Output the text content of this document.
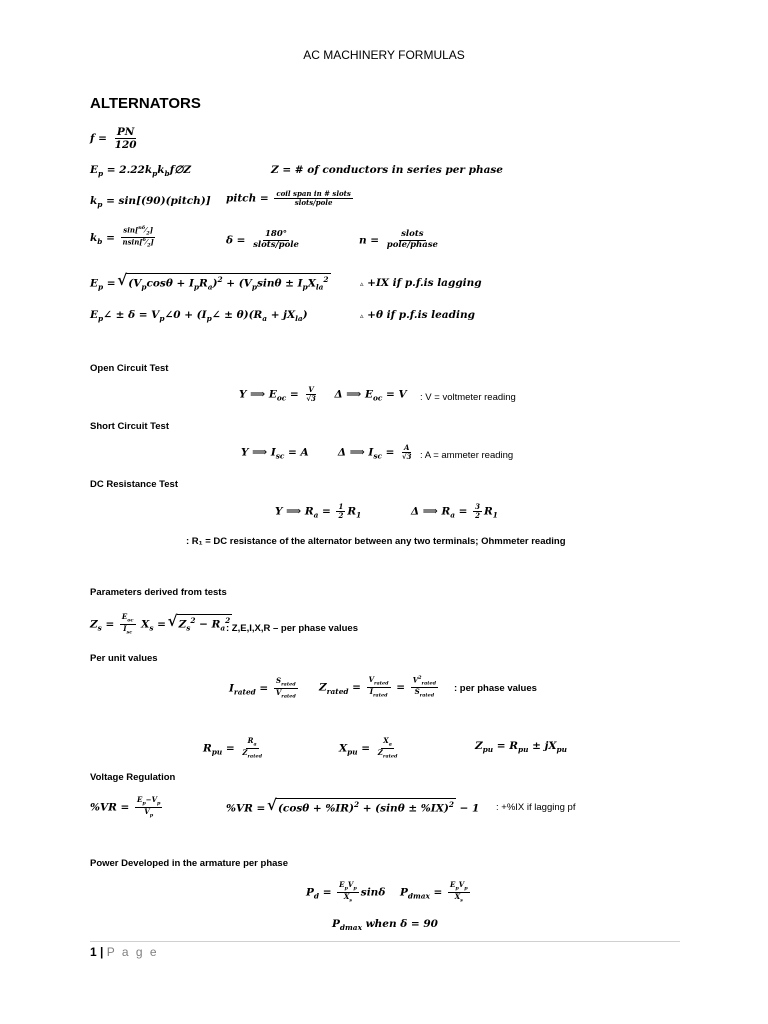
AC MACHINERY FORMULAS
ALTERNATORS
$f = \frac{PN}{120}$
$E_p$ = $2.22k_pk_bf\emptyset Z$	Z = # of conductors in series per phase
$k_p$ = sin[(90)(pitch)] pitch = $\frac{\text{coil span in \# slots}}{\text{slots/pole}}$
$k_b = \frac{\sin[^{n\delta}⁄_2]}{nsin[^\delta⁄_2]}$	$\delta = \frac{180^\circ}{\text{slots/pole}}$	$n = \frac{\text{slots}}{\text{pole/phase}}$
$E_p$ = √ $(V_p\cos\theta + I_pR_a)^2 + (V_p\sin\theta \pm I_pX_{la}^2$	▵ +IX if p.f.is lagging
$E_p\angle \pm \delta$ = $V_p\angle 0$ + $(I_p\angle \pm \theta)(R_a + jX_{la})$	▵ +θ if p.f.is leading
Open Circuit Test
Y ⟹ $E_{oc} = \frac{V}{√3}$ Δ ⟹ $E_{oc} = V$ : V = voltmeter reading
Short Circuit Test
Y ⟹ $I_{sc} = A$        Δ ⟹ $I_{sc} = \frac{A}{√3}$ : A = ammeter reading
DC Resistance Test
Y ⟹ $R_a = \frac{1}{2} R_1$	Δ ⟹ $R_a = \frac{3}{2} R_1$
: R₁ = DC resistance of the alternator between any two terminals; Ohmmeter reading
Parameters derived from tests
$Z_s = \frac{E_{oc}}{I_{sc}} X_s$ = √ $Z_s^2 - R_a^2$
: Z,E,I,X,R – per phase values
Per unit values
$I_{rated} = \frac{S_{rated}}{V_{rated}} Z_{rated} = \frac{V_{rated}}{I_{rated}} = \frac{V^2_{rated}}{S_{rated}}$ : per phase values
$R_{pu} = \frac{R_a}{Z_{rated}}$	$X_{pu} = \frac{X_a}{Z_{rated}}$	$Z_{pu} = R_{pu} \pm jX_{pu}$
Voltage Regulation
$\%VR = \frac{E_p-V_p}{V_p}$	%VR = √ $(\cos\theta + \%IR)^2 + (\sin\theta \pm \%IX)^2 - 1$ : +%IX if lagging pf
Power Developed in the armature per phase
$P_d = \frac{E_pV_p}{X_s}$ sinδ    $P_{dmax} = \frac{E_pV_p}{X_s}$
$P_{dmax}$ when δ = 90
1 | P a g e
